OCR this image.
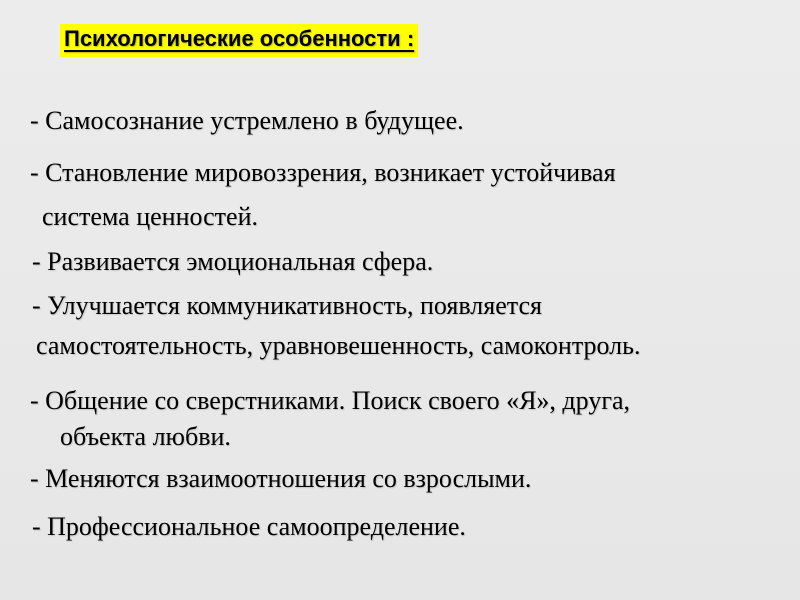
Психологические особенности :
- Самосознание устремлено в будущее.
- Становление мировоззрения, возникает устойчивая
система ценностей.
- Развивается эмоциональная сфера.
- Улучшается коммуникативность, появляется
самостоятельность, уравновешенность, самоконтроль.
- Общение со сверстниками. Поиск своего «Я», друга,
объекта любви.
- Меняются взаимоотношения со взрослыми.
- Профессиональное самоопределение.
